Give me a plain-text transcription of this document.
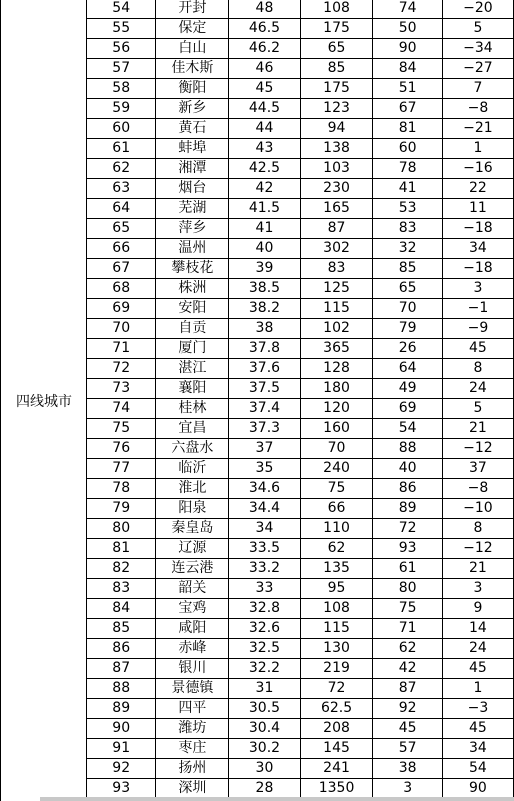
四线城市
54	开封	48	108	74	−20
55	保定	46.5	175	50	5
56	白山	46.2	65	90	−34
57	佳木斯	46	85	84	−27
58	衡阳	45	175	51	7
59	新乡	44.5	123	67	−8
60	黄石	44	94	81	−21
61	蚌埠	43	138	60	1
62	湘潭	42.5	103	78	−16
63	烟台	42	230	41	22
64	芜湖	41.5	165	53	11
65	萍乡	41	87	83	−18
66	温州	40	302	32	34
67	攀枝花	39	83	85	−18
68	株洲	38.5	125	65	3
69	安阳	38.2	115	70	−1
70	自贡	38	102	79	−9
71	厦门	37.8	365	26	45
72	湛江	37.6	128	64	8
73	襄阳	37.5	180	49	24
74	桂林	37.4	120	69	5
75	宜昌	37.3	160	54	21
76	六盘水	37	70	88	−12
77	临沂	35	240	40	37
78	淮北	34.6	75	86	−8
79	阳泉	34.4	66	89	−10
80	秦皇岛	34	110	72	8
81	辽源	33.5	62	93	−12
82	连云港	33.2	135	61	21
83	韶关	33	95	80	3
84	宝鸡	32.8	108	75	9
85	咸阳	32.6	115	71	14
86	赤峰	32.5	130	62	24
87	银川	32.2	219	42	45
88	景德镇	31	72	87	1
89	四平	30.5	62.5	92	−3
90	潍坊	30.4	208	45	45
91	枣庄	30.2	145	57	34
92	扬州	30	241	38	54
93	深圳	28	1350	3	90
